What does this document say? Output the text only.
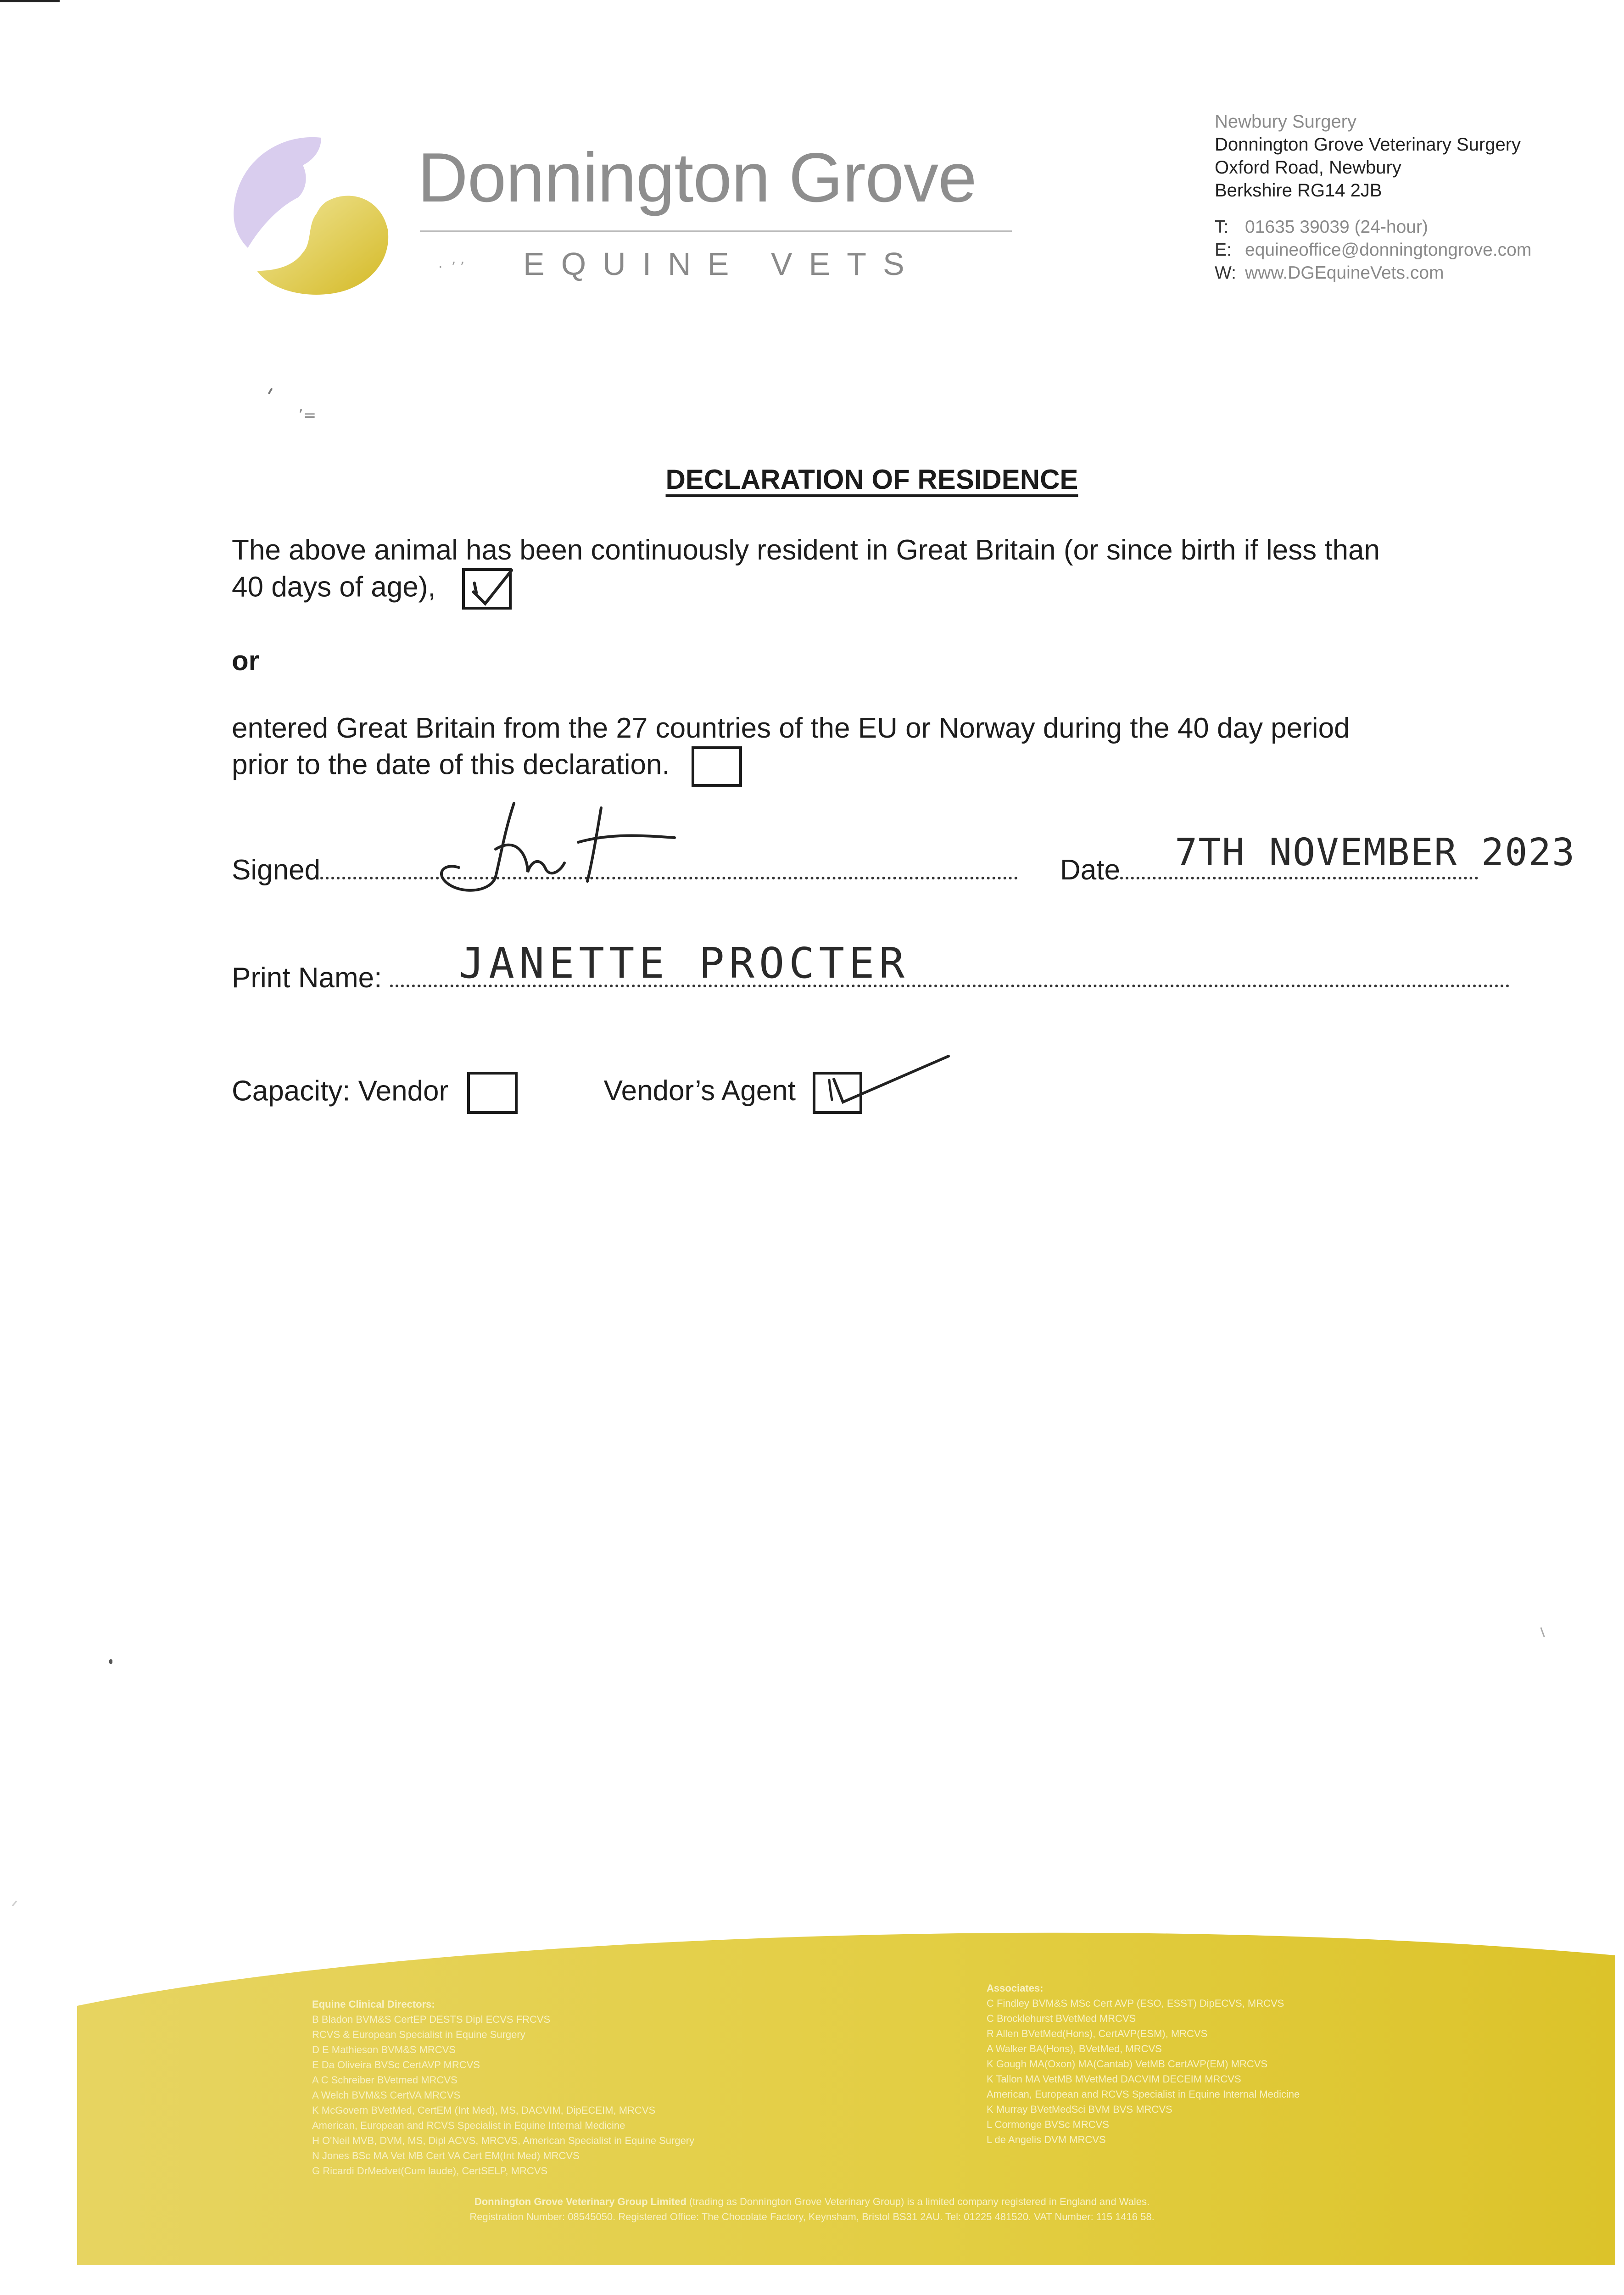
Donnington Grove
·  ʼ ʼ EQUINE VETS
Newbury Surgery
Donnington Grove Veterinary Surgery
Oxford Road, Newbury
Berkshire RG14 2JB
T: 01635 39039 (24-hour)
E: equineoffice@donningtongrove.com
W: www.DGEquineVets.com
ʼ=
DECLARATION OF RESIDENCE
The above animal has been continuously resident in Great Britain (or since birth if less than
40 days of age),
or
entered Great Britain from the 27 countries of the EU or Norway during the 40 day period
prior to the date of this declaration.
Signed	Date	7TH NOVEMBER 2023
Print Name:	JANETTE PROCTER
Capacity: Vendor	Vendor’s Agent
Equine Clinical Directors:
B Bladon BVM&S CertEP DESTS Dipl ECVS FRCVS
RCVS & European Specialist in Equine Surgery
D E Mathieson BVM&S MRCVS
E Da Oliveira BVSc CertAVP MRCVS
A C Schreiber BVetmed MRCVS
A Welch BVM&S CertVA MRCVS
K McGovern BVetMed, CertEM (Int Med), MS, DACVIM, DipECEIM, MRCVS
American, European and RCVS Specialist in Equine Internal Medicine
H O'Neil MVB, DVM, MS, Dipl ACVS, MRCVS, American Specialist in Equine Surgery
N Jones BSc MA Vet MB Cert VA Cert EM(Int Med) MRCVS
G Ricardi DrMedvet(Cum laude), CertSELP, MRCVS
Associates:
C Findley BVM&S MSc Cert AVP (ESO, ESST) DipECVS, MRCVS
C Brocklehurst BVetMed MRCVS
R Allen BVetMed(Hons), CertAVP(ESM), MRCVS
A Walker BA(Hons), BVetMed, MRCVS
K Gough MA(Oxon) MA(Cantab) VetMB CertAVP(EM) MRCVS
K Tallon MA VetMB MVetMed DACVIM DECEIM MRCVS
American, European and RCVS Specialist in Equine Internal Medicine
K Murray BVetMedSci BVM BVS MRCVS
L Cormonge BVSc MRCVS
L de Angelis DVM MRCVS
Donnington Grove Veterinary Group Limited (trading as Donnington Grove Veterinary Group) is a limited company registered in England and Wales.
Registration Number: 08545050. Registered Office: The Chocolate Factory, Keynsham, Bristol BS31 2AU. Tel: 01225 481520. VAT Number: 115 1416 58.
